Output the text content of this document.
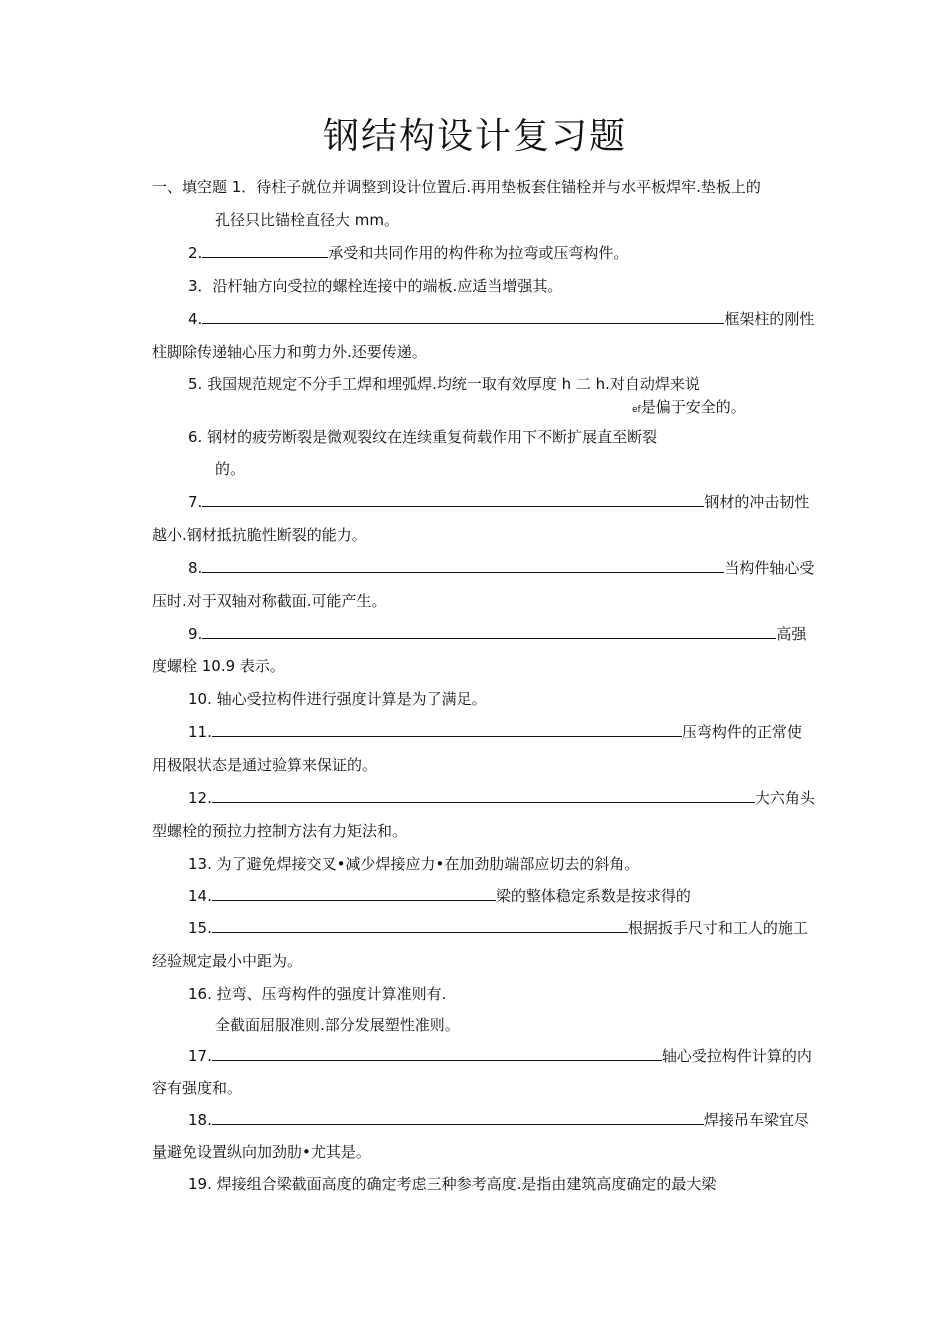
钢结构设计复习题
一、填空题 1．待柱子就位并调整到设计位置后.再用垫板套住锚栓并与水平板焊牢.垫板上的
孔径只比锚栓直径大 mm。
2.	承受和共同作用的构件称为拉弯或压弯构件。
3．沿杆轴方向受拉的螺栓连接中的端板.应适当增强其。
4.	框架柱的刚性
柱脚除传递轴心压力和剪力外.还要传递。
5. 我国规范规定不分手工焊和埋弧焊.均统一取有效厚度 h 二 h.对自动焊来说
ef是偏于安全的。
6. 钢材的疲劳断裂是微观裂纹在连续重复荷载作用下不断扩展直至断裂
的。
7.	钢材的冲击韧性
越小.钢材抵抗脆性断裂的能力。
8.	当构件轴心受
压时.对于双轴对称截面.可能产生。
9.	高强
度螺栓 10.9 表示。
10. 轴心受拉构件进行强度计算是为了满足。
11.	压弯构件的正常使
用极限状态是通过验算来保证的。
12.	大六角头
型螺栓的预拉力控制方法有力矩法和。
13. 为了避免焊接交叉•减少焊接应力•在加劲肋端部应切去的斜角。
14.	梁的整体稳定系数是按求得的
15.	根据扳手尺寸和工人的施工
经验规定最小中距为。
16. 拉弯、压弯构件的强度计算准则有.
全截面屈服准则.部分发展塑性准则。
17.	轴心受拉构件计算的内
容有强度和。
18.	焊接吊车梁宜尽
量避免设置纵向加劲肋•尤其是。
19. 焊接组合梁截面高度的确定考虑三种参考高度.是指由建筑高度确定的最大梁
